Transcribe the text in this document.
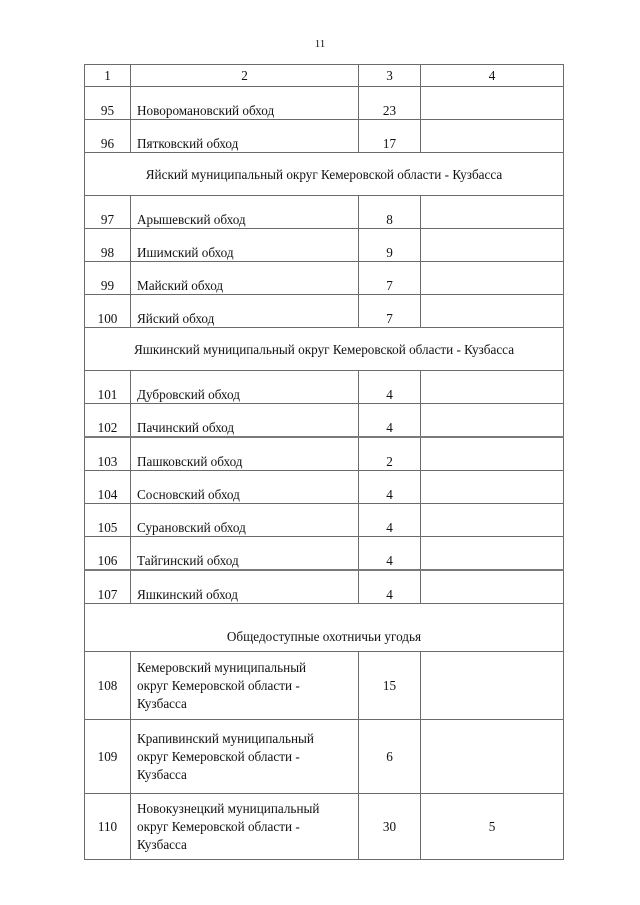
11
1	2	3	4
95	Новоромановский обход	23	
96	Пятковский обход	17	
Яйский муниципальный округ Кемеровской области - Кузбасса			
97	Арышевский обход	8	
98	Ишимский обход	9	
99	Майский обход	7	
100	Яйский обход	7	
Яшкинский муниципальный округ Кемеровской области - Кузбасса			
101	Дубровский обход	4	
102	Пачинский обход	4	
103	Пашковский обход	2	
104	Сосновский обход	4	
105	Сурановский обход	4	
106	Тайгинский обход	4	
107	Яшкинский обход	4	
Общедоступные охотничьи угодья			
108	Кемеровский муниципальный
округ Кемеровской области -
Кузбасса	15	
109	Крапивинский муниципальный
округ Кемеровской области -
Кузбасса	6	
110	Новокузнецкий муниципальный
округ Кемеровской области -
Кузбасса	30	5
